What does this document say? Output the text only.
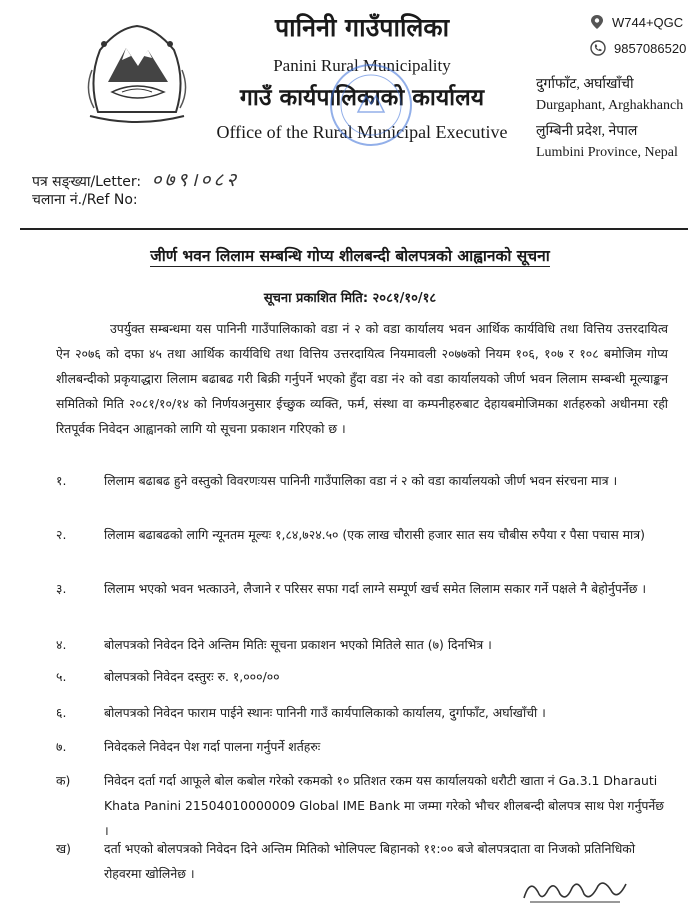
पानिनी गाउँपालिका
Panini Rural Municipality
गाउँ कार्यपालिकाको कार्यालय
Office of the Rural Municipal Executive
W744+QGC
9857086520
दुर्गाफाँट, अर्घाखाँची
Durgaphant, Arghakhanch
लुम्बिनी प्रदेश, नेपाल
Lumbini Province, Nepal
पत्र सङ्ख्या/Letter: ०७९।०८२
चलाना नं./Ref No:
जीर्ण भवन लिलाम सम्बन्धि गोप्य शीलबन्दी बोलपत्रको आह्वानको सूचना
सूचना प्रकाशित मिति: २०८१/१०/१८
उपर्युक्त सम्बन्धमा यस पानिनी गाउँपालिकाको वडा नं २ को वडा कार्यालय भवन आर्थिक कार्यविधि तथा वित्तिय उत्तरदायित्व ऐन २०७६ को दफा ४५ तथा आर्थिक कार्यविधि तथा वित्तिय उत्तरदायित्व नियमावली २०७७को नियम १०६, १०७ र १०८ बमोजिम गोप्य शीलबन्दीको प्रकृयाद्धारा लिलाम बढाबढ गरी बिक्री गर्नुपर्ने भएको हुँदा वडा नं२ को वडा कार्यालयको जीर्ण भवन लिलाम सम्बन्धी मूल्याङ्कन समितिको मिति २०८१/१०/१४ को निर्णयअनुसार ईच्छुक व्यक्ति, फर्म, संस्था वा कम्पनीहरुबाट देहायबमोजिमका शर्तहरुको अधीनमा रही रितपूर्वक निवेदन आह्वानको लागि यो सूचना प्रकाशन गरिएको छ ।
१.	लिलाम बढाबढ हुने वस्तुको विवरणःयस पानिनी गाउँपालिका वडा नं २ को वडा कार्यालयको जीर्ण भवन संरचना मात्र ।
२.	लिलाम बढाबढको लागि न्यूनतम मूल्यः १,८४,७२४.५० (एक लाख चौरासी हजार सात सय चौबीस रुपैया र पैसा पचास मात्र)
३.	लिलाम भएको भवन भत्काउने, लैजाने र परिसर सफा गर्दा लाग्ने सम्पूर्ण खर्च समेत लिलाम सकार गर्ने पक्षले नै बेहोर्नुपर्नेछ ।
४.	बोलपत्रको निवेदन दिने अन्तिम मितिः सूचना प्रकाशन भएको मितिले सात (७) दिनभित्र ।
५.	बोलपत्रको निवेदन दस्तुरः रु. १,०००/००
६.	बोलपत्रको निवेदन फाराम पाईने स्थानः पानिनी गाउँ कार्यपालिकाको कार्यालय, दुर्गाफाँट, अर्घाखाँची ।
७.	निवेदकले निवेदन पेश गर्दा पालना गर्नुपर्ने शर्तहरुः
क)	निवेदन दर्ता गर्दा आफूले बोल कबोल गरेको रकमको १० प्रतिशत रकम यस कार्यालयको धरौटी खाता नं Ga.3.1 Dharauti Khata Panini 21504010000009 Global IME Bank मा जम्मा गरेको भौचर शीलबन्दी बोलपत्र साथ पेश गर्नुपर्नेछ ।
ख)	दर्ता भएको बोलपत्रको निवेदन दिने अन्तिम मितिको भोलिपल्ट बिहानको ११:०० बजे बोलपत्रदाता वा निजको प्रतिनिधिको रोहवरमा खोलिनेछ ।
